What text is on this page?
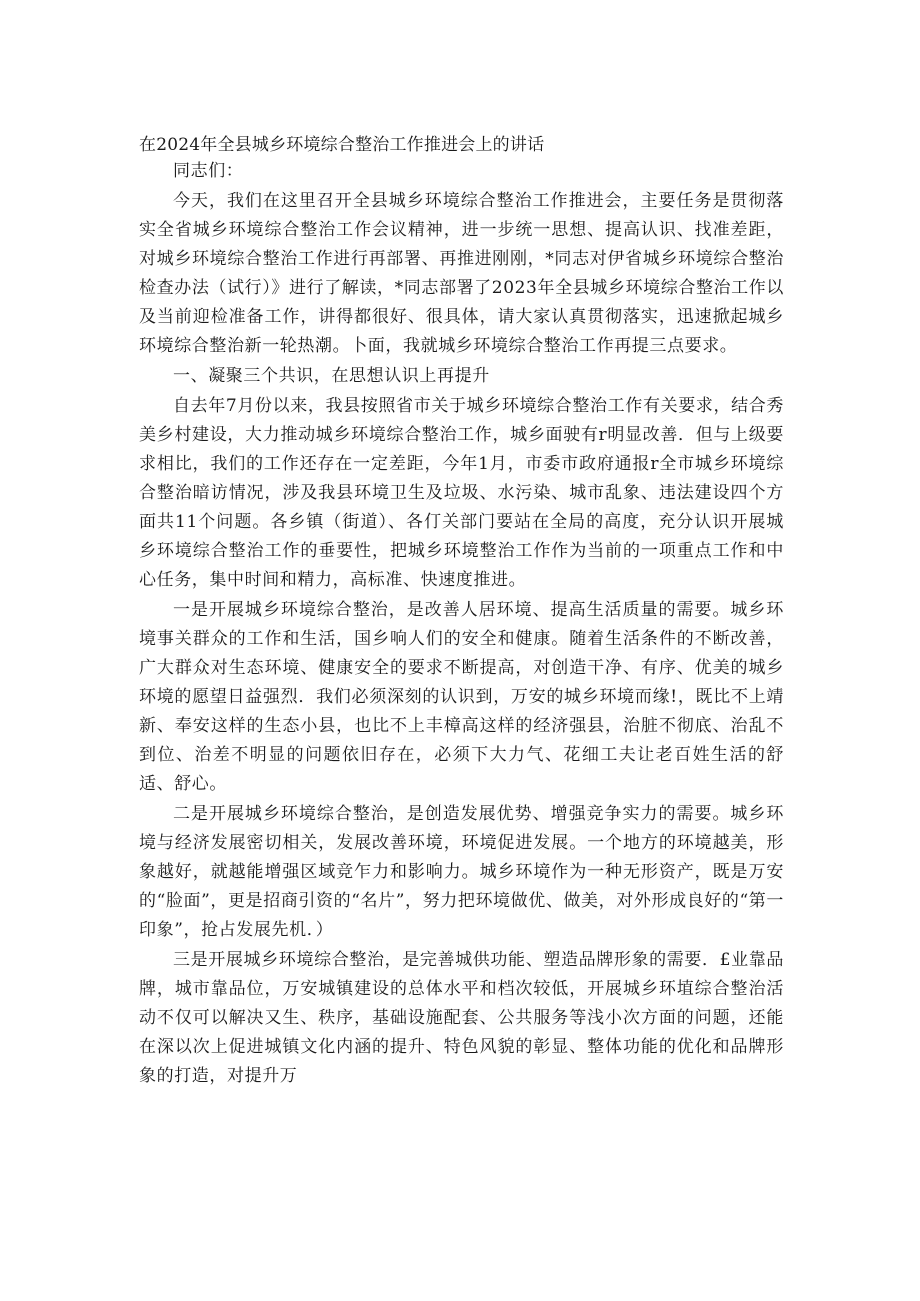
在2024年全县城乡环境综合整治工作推进会上的讲话

同志们：

今天，我们在这里召开全县城乡环境综合整治工作推进会，主要任务是贯彻落实全省城乡环境综合整治工作会议精神，进一步统一思想、提高认识、找准差距，对城乡环境综合整治工作进行再部署、再推进刚刚，*同志对伊省城乡环境综合整治检查办法（试行）》进行了解读，*同志部署了2023年全县城乡环境综合整治工作以及当前迎检准备工作，讲得都很好、很具体，请大家认真贯彻落实，迅速掀起城乡环境综合整治新一轮热潮。卜面，我就城乡环境综合整治工作再提三点要求。

一、凝聚三个共识，在思想认识上再提升

自去年7月份以来，我县按照省市关于城乡环境综合整治工作有关要求，结合秀美乡村建设，大力推动城乡环境综合整治工作，城乡面驶有r明显改善．但与上级要求相比，我们的工作还存在一定差距，今年1月，市委市政府通报r全市城乡环境综合整治暗访情况，涉及我县环境卫生及垃圾、水污染、城市乱象、违法建设四个方面共11个问题。各乡镇（街道）、各仃关部门要站在全局的高度，充分认识开展城乡环境综合整治工作的垂要性，把城乡环境整治工作作为当前的一项重点工作和中心任务，集中时间和精力，高标准、快速度推进。

一是开展城乡环境综合整治，是改善人居环境、提高生活质量的需要。城乡环境事关群众的工作和生活，国乡响人们的安全和健康。随着生活条件的不断改善，广大群众对生态环境、健康安全的要求不断提高，对创造干净、有序、优美的城乡环境的愿望日益强烈．我们必须深刻的认识到，万安的城乡环境而缘!，既比不上靖新、奉安这样的生态小县，也比不上丰樟高这样的经济强县，治脏不彻底、治乱不到位、治差不明显的问题依旧存在，必须下大力气、花细工夫让老百姓生活的舒适、舒心。

二是开展城乡环境综合整治，是创造发展优势、增强竞争实力的需要。城乡环境与经济发展密切相关，发展改善环境，环境促进发展。一个地方的环境越美，形象越好，就越能增强区域竞乍力和影响力。城乡环境作为一种无形资产，既是万安的“脸面”，更是招商引资的“名片”，努力把环境做优、做美，对外形成良好的“第一印象”，抢占发展先机．）

三是开展城乡环境综合整治，是完善城供功能、塑造品牌形象的需要．£业靠品牌，城市靠品位，万安城镇建设的总体水平和档次较低，开展城乡环埴综合整治活动不仅可以解决又生、秩序，基础设施配套、公共服务等浅小次方面的问题，还能在深以次上促进城镇文化内涵的提升、特色风貌的彰显、整体功能的优化和品牌形象的打造，对提升万
